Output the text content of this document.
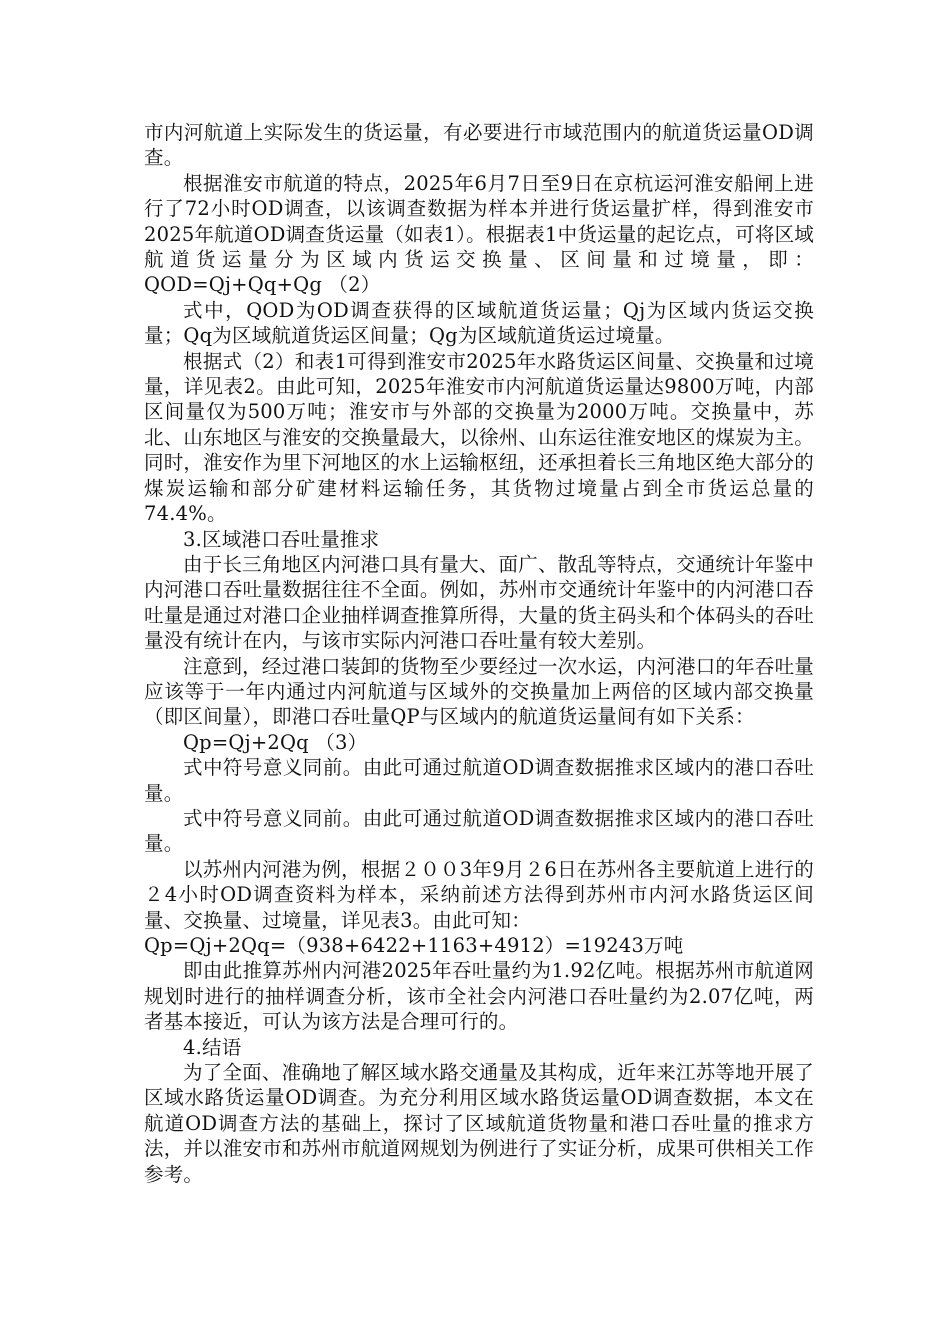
市内河航道上实际发生的货运量，有必要进行市域范围内的航道货运量OD调查。

根据淮安市航道的特点，2025年6月7日至9日在京杭运河淮安船闸上进行了72小时OD调查，以该调查数据为样本并进行货运量扩样，得到淮安市2025年航道OD调查货运量（如表1）。根据表1中货运量的起讫点，可将区域航道货运量分为区域内货运交换量、区间量和过境量，即：QOD=Qj+Qq+Qg （2）

式中，QOD为OD调查获得的区域航道货运量；Qj为区域内货运交换量；Qq为区域航道货运区间量；Qg为区域航道货运过境量。

根据式（2）和表1可得到淮安市2025年水路货运区间量、交换量和过境量，详见表2。由此可知，2025年淮安市内河航道货运量达9800万吨，内部区间量仅为500万吨；淮安市与外部的交换量为2000万吨。交换量中，苏北、山东地区与淮安的交换量最大，以徐州、山东运往淮安地区的煤炭为主。同时，淮安作为里下河地区的水上运输枢纽，还承担着长三角地区绝大部分的煤炭运输和部分矿建材料运输任务，其货物过境量占到全市货运总量的74.4%。

3.区域港口吞吐量推求

由于长三角地区内河港口具有量大、面广、散乱等特点，交通统计年鉴中内河港口吞吐量数据往往不全面。例如，苏州市交通统计年鉴中的内河港口吞吐量是通过对港口企业抽样调查推算所得，大量的货主码头和个体码头的吞吐量没有统计在内，与该市实际内河港口吞吐量有较大差别。

注意到，经过港口装卸的货物至少要经过一次水运，内河港口的年吞吐量应该等于一年内通过内河航道与区域外的交换量加上两倍的区域内部交换量（即区间量），即港口吞吐量QP与区域内的航道货运量间有如下关系：

Qp=Qj+2Qq （3）

式中符号意义同前。由此可通过航道OD调查数据推求区域内的港口吞吐量。

式中符号意义同前。由此可通过航道OD调查数据推求区域内的港口吞吐量。

以苏州内河港为例，根据２００3年9月２6日在苏州各主要航道上进行的２4小时OD调查资料为样本，采纳前述方法得到苏州市内河水路货运区间量、交换量、过境量，详见表3。由此可知：

Qp=Qj+2Qq=（938+6422+1163+4912）=19243万吨

即由此推算苏州内河港2025年吞吐量约为1.92亿吨。根据苏州市航道网规划时进行的抽样调查分析，该市全社会内河港口吞吐量约为2.07亿吨，两者基本接近，可认为该方法是合理可行的。

4.结语

为了全面、准确地了解区域水路交通量及其构成，近年来江苏等地开展了区域水路货运量OD调查。为充分利用区域水路货运量OD调查数据，本文在航道OD调查方法的基础上，探讨了区域航道货物量和港口吞吐量的推求方法，并以淮安市和苏州市航道网规划为例进行了实证分析，成果可供相关工作参考。
